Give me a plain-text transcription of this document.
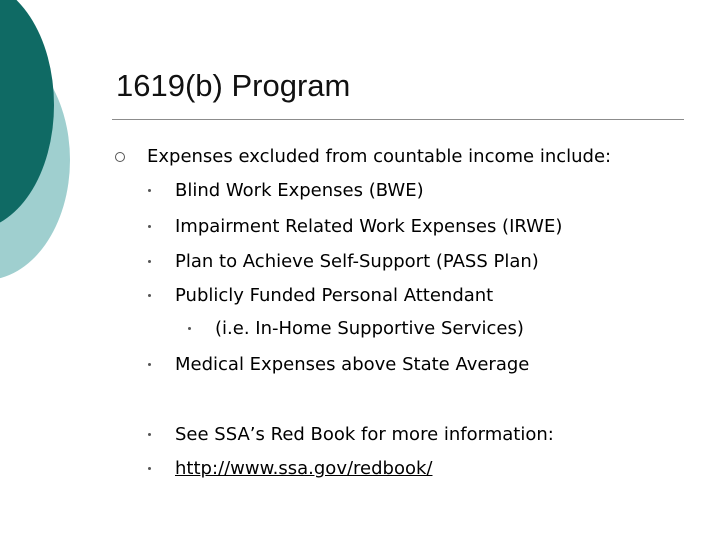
1619(b) Program
Expenses excluded from countable income include:
Blind Work Expenses (BWE)
Impairment Related Work Expenses (IRWE)
Plan to Achieve Self-Support (PASS Plan)
Publicly Funded Personal Attendant
(i.e. In-Home Supportive Services)
Medical Expenses above State Average
See SSA’s Red Book for more information:
http://www.ssa.gov/redbook/
